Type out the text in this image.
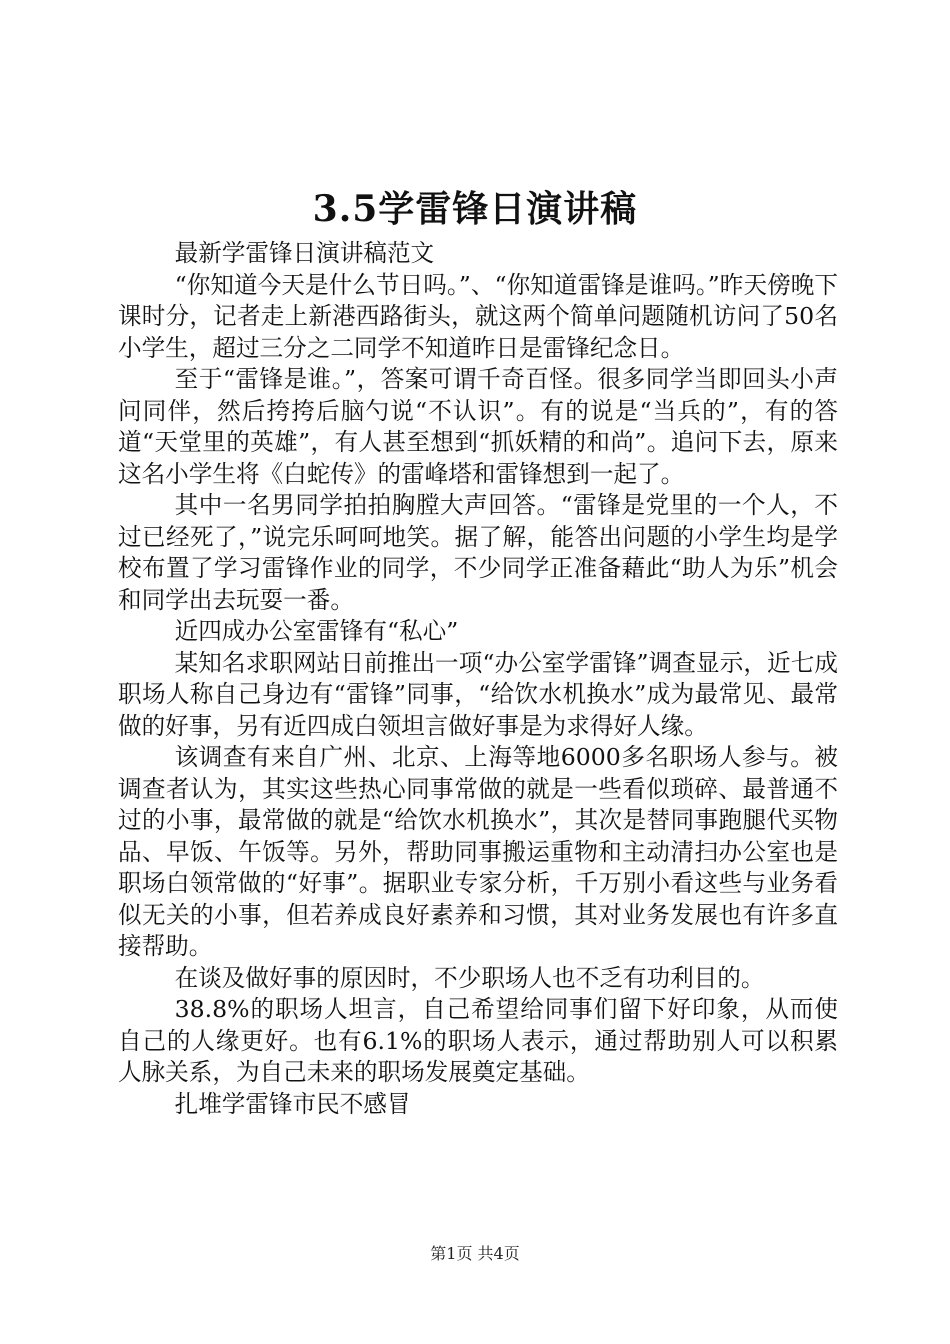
3.5学雷锋日演讲稿

最新学雷锋日演讲稿范文

“你知道今天是什么节日吗。”、“你知道雷锋是谁吗。”昨天傍晚下课时分，记者走上新港西路街头，就这两个简单问题随机访问了50名小学生，超过三分之二同学不知道昨日是雷锋纪念日。

至于“雷锋是谁。”，答案可谓千奇百怪。很多同学当即回头小声问同伴，然后挎挎后脑勺说“不认识”。有的说是“当兵的”，有的答道“天堂里的英雄”，有人甚至想到“抓妖精的和尚”。追问下去，原来这名小学生将《白蛇传》的雷峰塔和雷锋想到一起了。

其中一名男同学拍拍胸膛大声回答。“雷锋是党里的一个人，不过已经死了，”说完乐呵呵地笑。据了解，能答出问题的小学生均是学校布置了学习雷锋作业的同学，不少同学正准备藉此“助人为乐”机会和同学出去玩耍一番。

近四成办公室雷锋有“私心”

某知名求职网站日前推出一项“办公室学雷锋”调查显示，近七成职场人称自己身边有“雷锋”同事，“给饮水机换水”成为最常见、最常做的好事，另有近四成白领坦言做好事是为求得好人缘。

该调查有来自广州、北京、上海等地6000多名职场人参与。被调查者认为，其实这些热心同事常做的就是一些看似琐碎、最普通不过的小事，最常做的就是“给饮水机换水”，其次是替同事跑腿代买物品、早饭、午饭等。另外，帮助同事搬运重物和主动清扫办公室也是职场白领常做的“好事”。据职业专家分析，千万别小看这些与业务看似无关的小事，但若养成良好素养和习惯，其对业务发展也有许多直接帮助。

在谈及做好事的原因时，不少职场人也不乏有功利目的。

38.8%的职场人坦言，自己希望给同事们留下好印象，从而使自己的人缘更好。也有6.1%的职场人表示，通过帮助别人可以积累人脉关系，为自己未来的职场发展奠定基础。

扎堆学雷锋市民不感冒

第1页 共4页
